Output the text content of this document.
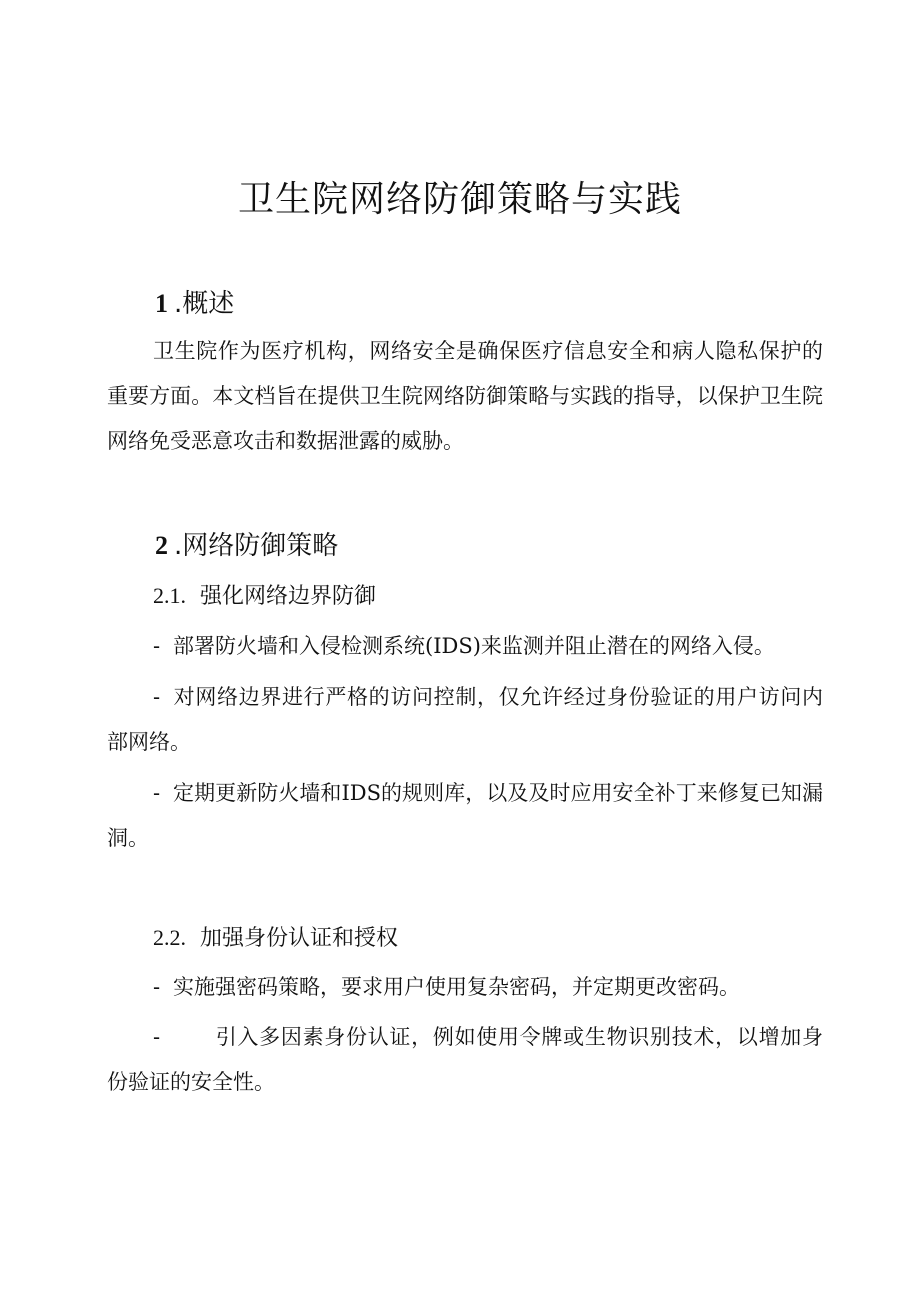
卫生院网络防御策略与实践
1 .概述

卫生院作为医疗机构，网络安全是确保医疗信息安全和病人隐私保护的重要方面。本文档旨在提供卫生院网络防御策略与实践的指导，以保护卫生院网络免受恶意攻击和数据泄露的威胁。

2 .网络防御策略
2.1. 强化网络边界防御

- 部署防火墙和入侵检测系统(IDS)来监测并阻止潜在的网络入侵。

- 对网络边界进行严格的访问控制，仅允许经过身份验证的用户访问内部网络。

- 定期更新防火墙和IDS的规则库，以及及时应用安全补丁来修复已知漏洞。

2.2. 加强身份认证和授权

- 实施强密码策略，要求用户使用复杂密码，并定期更改密码。

-	引入多因素身份认证，例如使用令牌或生物识别技术，以增加身份验证的安全性。
